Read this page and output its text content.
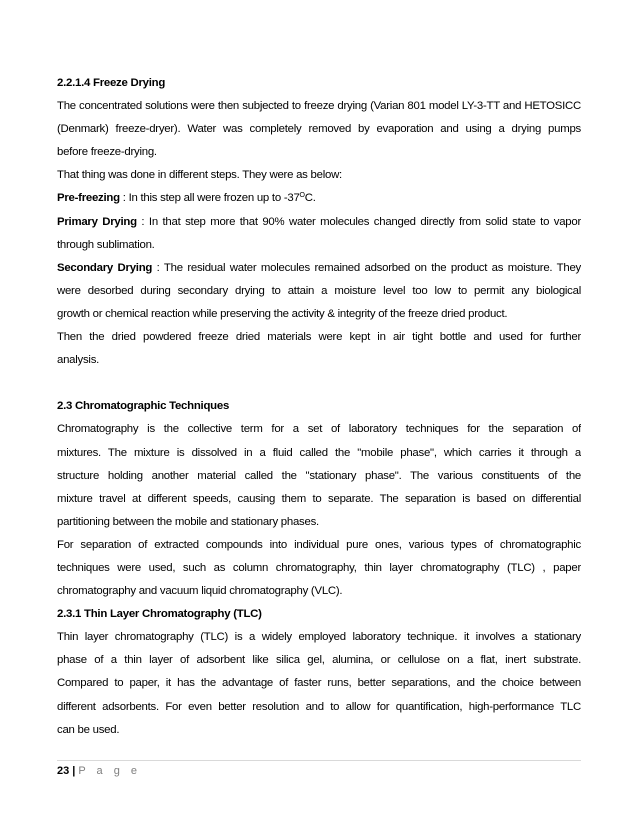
2.2.1.4 Freeze Drying
The concentrated solutions were then subjected to freeze drying (Varian 801 model LY-3-TT and HETOSICC
(Denmark) freeze-dryer). Water was completely removed by evaporation and using a drying pumps
before freeze-drying.
That thing was done in different steps. They were as below:
Pre-freezing : In this step all were frozen up to $-37^OC$.
Primary Drying : In that step more that 90% water molecules changed directly from solid state to vapor
through sublimation.
Secondary Drying : The residual water molecules remained adsorbed on the product as moisture. They
were desorbed during secondary drying to attain a moisture level too low to permit any biological
growth or chemical reaction while preserving the activity & integrity of the freeze dried product.
Then the dried powdered freeze dried materials were kept in air tight bottle and used for further
analysis.
2.3 Chromatographic Techniques
Chromatography is the collective term for a set of laboratory techniques for the separation of
mixtures. The mixture is dissolved in a fluid called the "mobile phase", which carries it through a
structure holding another material called the "stationary phase". The various constituents of the
mixture travel at different speeds, causing them to separate. The separation is based on differential
partitioning between the mobile and stationary phases.
For separation of extracted compounds into individual pure ones, various types of chromatographic
techniques were used, such as column chromatography, thin layer chromatography (TLC) , paper
chromatography and vacuum liquid chromatography (VLC).
2.3.1 Thin Layer Chromatography (TLC)
Thin layer chromatography (TLC) is a widely employed laboratory technique. it involves a stationary
phase of a thin layer of adsorbent like silica gel, alumina, or cellulose on a flat, inert substrate.
Compared to paper, it has the advantage of faster runs, better separations, and the choice between
different adsorbents. For even better resolution and to allow for quantification, high-performance TLC
can be used.
23 | P a g e
